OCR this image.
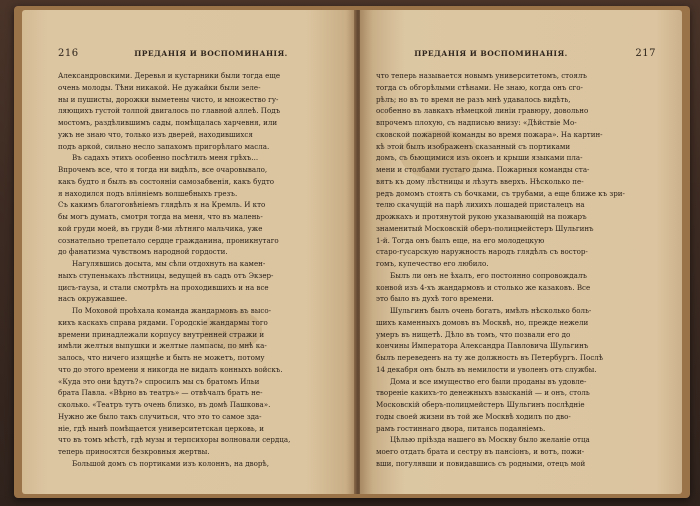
216	ПРЕДАНІЯ И ВОСПОМИНАНІЯ.
Александровскими. Деревья и кустарники были тогда еще
очень молоды. Тѣни никакой. Не дужайки были зеле-
ны и пушисты, дорожки выметены чисто, и множество гу-
ляющихъ густой толпой двигалось по главной аллеѣ. Подъ
мостомъ, раздѣлившимъ сады, помѣщалась харчевня, или
ужъ не знаю что, только изъ дверей, находившихся
подъ аркой, сильно несло запахомъ пригорѣлаго масла.
Въ садахъ этихъ особенно посѣтилъ меня грѣхъ...
Впрочемъ все, что я тогда ни видѣлъ, все очаровывало,
какъ будто я былъ въ состояніи самозабвенія, какъ будто
я находился подъ вліяніемъ волшебныхъ грезъ.
Съ какимъ благоговѣніемъ глядѣлъ я на Кремль. И кто
бы могъ думать, смотря тогда на меня, что въ малень-
кой груди моей, въ груди 8-ми лѣтняго мальчика, уже
сознательно трепетало сердце гражданина, проникнутаго
до фанатизма чувствомъ народной гордости.
Нагулявшись досыта, мы сѣли отдохнуть на камен-
ныхъ ступенькахъ лѣстницы, ведущей въ садъ отъ Экзер-
цисъ-гауза, и стали смотрѣть на проходившихъ и на все
насъ окружавшее.
По Моховой проѣхала команда жандармовъ въ высо-
кихъ каскахъ справа рядами. Городскіе жандармы того
времени принадлежали корпусу внутренней стражи и
имѣли желтыя выпушки и желтые лампасы, по мнѣ ка-
залось, что ничего изящнѣе и быть не можетъ, потому
что до этого времени я никогда не видалъ конныхъ войскъ.
«Куда это они ѣдутъ?» спросилъ мы съ братомъ Ильи
брата Павла. «Вѣрно въ театръ» — отвѣчалъ братъ не-
сколько. «Театръ тутъ очень близко, въ домѣ Пашкова».
Нужно же было такъ случиться, что это то самое зда-
ніе, гдѣ нынѣ помѣщается университетская церковь, и
что въ томъ мѣстѣ, гдѣ музы и терпсихоры волновали сердца,
теперь приносятся безкровныя жертвы.
Большой домъ съ портиками изъ колоннъ, на дворѣ,
ПРЕДАНІЯ И ВОСПОМИНАНІЯ.	217
что теперь называется новымъ университетомъ, стоялъ
тогда съ обгорѣлыми стѣнами. Не знаю, когда онъ сго-
рѣлъ; но въ то время не разъ мнѣ удавалось видѣть,
особенно въ лавкахъ нѣмецкой линіи гравюру, довольно
впрочемъ плохую, съ надписью внизу: «Дѣйствіе Мо-
сковской пожарной команды во время пожара». На картин-
кѣ этой былъ изображенъ сказанный съ портиками
домъ, съ бьющимися изъ оконъ и крыши языками пла-
мени и столбами густаго дыма. Пожарныя команды ста-
вятъ къ дому лѣстницы и лѣзутъ вверхъ. Нѣсколько пе-
редъ домомъ стоятъ съ бочками, съ трубами, а еще ближе къ зри-
телю скачущій на парѣ лихихъ лошадей присталецъ на
дрожкахъ и протянутой рукою указывающій на пожаръ
знаменитый Московскій оберъ-полицмейстеръ Шульгинъ
1-й. Тогда онъ былъ еще, на его молодецкую
старо-гусарскую наружность народъ глядѣлъ съ востор-
гомъ, купечество его любило.
Былъ ли онъ не ѣхалъ, его постоянно сопровождалъ
конвой изъ 4-хъ жандармовъ и столько же казаковъ. Все
это было въ духѣ того времени.
Шульгинъ былъ очень богатъ, имѣлъ нѣсколько боль-
шихъ каменныхъ домовъ въ Москвѣ, но, прежде нежели
умеръ въ нищетѣ. Дѣло въ томъ, что позвали его до
кончины Императора Александра Павловича Шульгинъ
былъ переведенъ на ту же должность въ Петербургъ. Послѣ
14 декабря онъ былъ въ немилости и уволенъ отъ службы.
Дома и все имущество его были проданы въ удовле-
твореніе какихъ-то денежныхъ взысканій — и онъ, столь
Московскій оберъ-полицмейстеръ Шульгинъ послѣдніе
годы своей жизни въ той же Москвѣ ходилъ по дво-
рамъ гостиннаго двора, питаясь подаяніемъ.
Цѣлью пріѣзда нашего въ Москву было желаніе отца
моего отдать брата и сестру въ пансіонъ, и вотъ, пожи-
вши, погулявши и повидавшись съ родными, отецъ мой
